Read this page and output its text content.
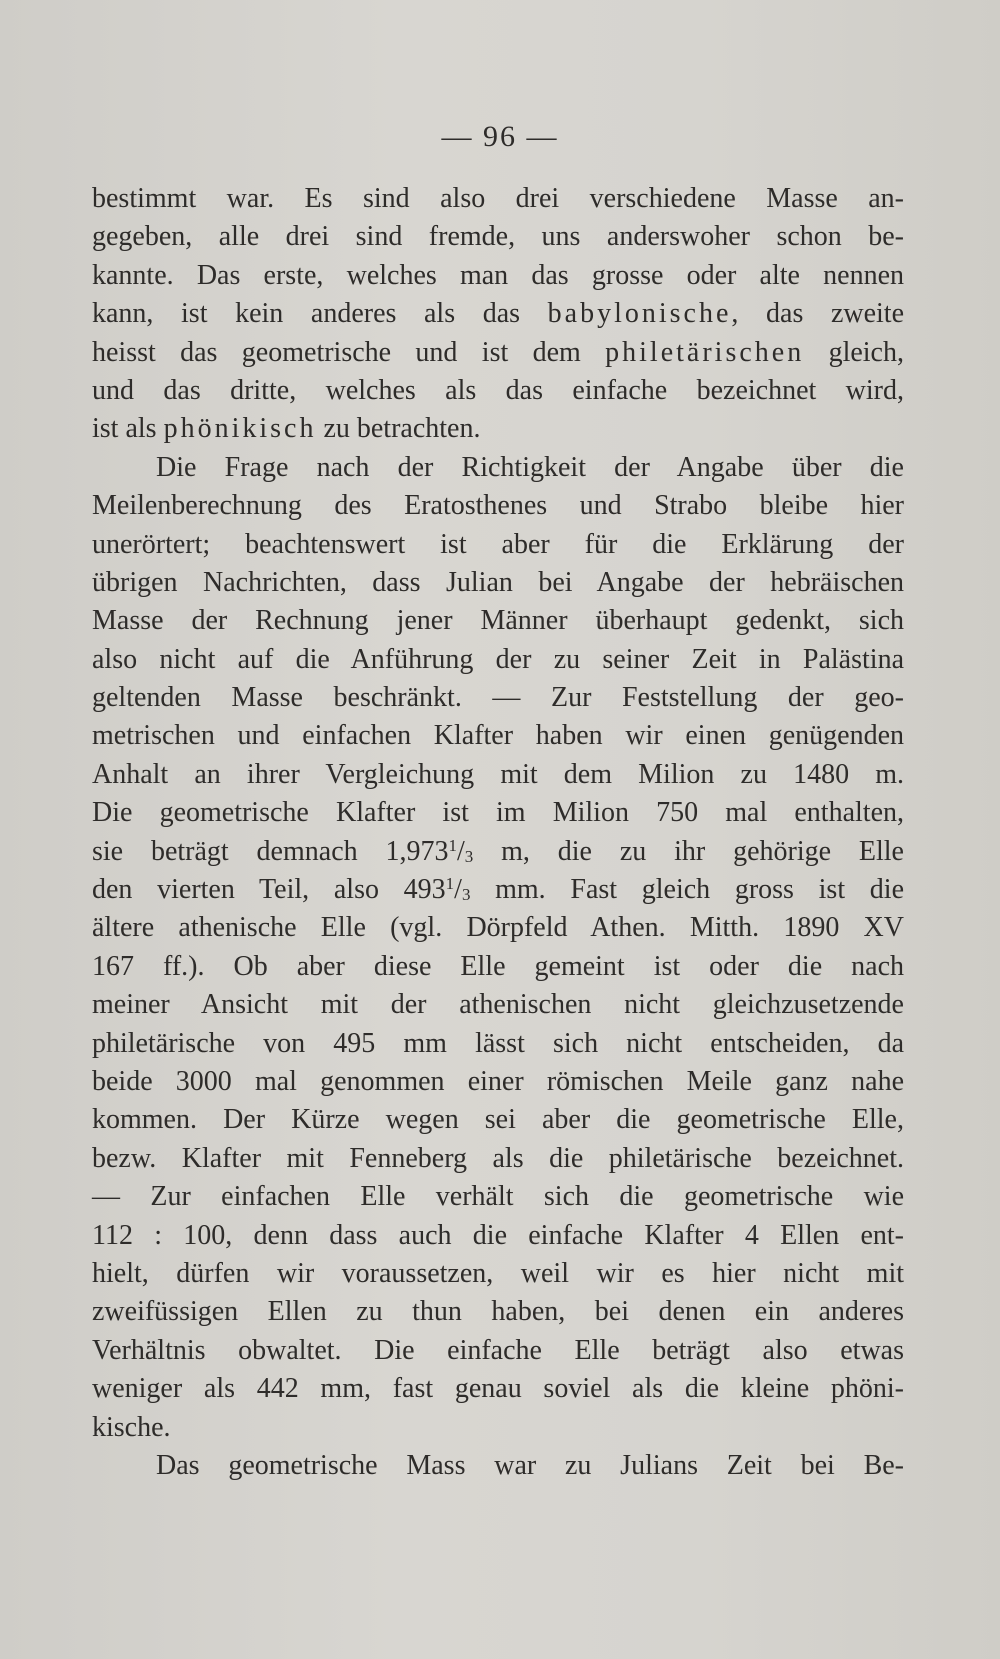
— 96 —
bestimmt war. Es sind also drei verschiedene Masse an-
gegeben, alle drei sind fremde, uns anderswoher schon be-
kannte. Das erste, welches man das grosse oder alte nennen
kann, ist kein anderes als das babylonische, das zweite
heisst das geometrische und ist dem philetärischen gleich,
und das dritte, welches als das einfache bezeichnet wird,
ist als phönikisch zu betrachten.
Die Frage nach der Richtigkeit der Angabe über die
Meilenberechnung des Eratosthenes und Strabo bleibe hier
unerörtert; beachtenswert ist aber für die Erklärung der
übrigen Nachrichten, dass Julian bei Angabe der hebräischen
Masse der Rechnung jener Männer überhaupt gedenkt, sich
also nicht auf die Anführung der zu seiner Zeit in Palästina
geltenden Masse beschränkt. — Zur Feststellung der geo-
metrischen und einfachen Klafter haben wir einen genügenden
Anhalt an ihrer Vergleichung mit dem Milion zu 1480 m.
Die geometrische Klafter ist im Milion 750 mal enthalten,
sie beträgt demnach $1,973^1/_3$ m, die zu ihr gehörige Elle
den vierten Teil, also $493^1/_3$ mm. Fast gleich gross ist die
ältere athenische Elle (vgl. Dörpfeld Athen. Mitth. 1890 XV
167 ff.). Ob aber diese Elle gemeint ist oder die nach
meiner Ansicht mit der athenischen nicht gleichzusetzende
philetärische von 495 mm lässt sich nicht entscheiden, da
beide 3000 mal genommen einer römischen Meile ganz nahe
kommen. Der Kürze wegen sei aber die geometrische Elle,
bezw. Klafter mit Fenneberg als die philetärische bezeichnet.
— Zur einfachen Elle verhält sich die geometrische wie
112 : 100, denn dass auch die einfache Klafter 4 Ellen ent-
hielt, dürfen wir voraussetzen, weil wir es hier nicht mit
zweifüssigen Ellen zu thun haben, bei denen ein anderes
Verhältnis obwaltet. Die einfache Elle beträgt also etwas
weniger als 442 mm, fast genau soviel als die kleine phöni-
kische.
Das geometrische Mass war zu Julians Zeit bei Be-
